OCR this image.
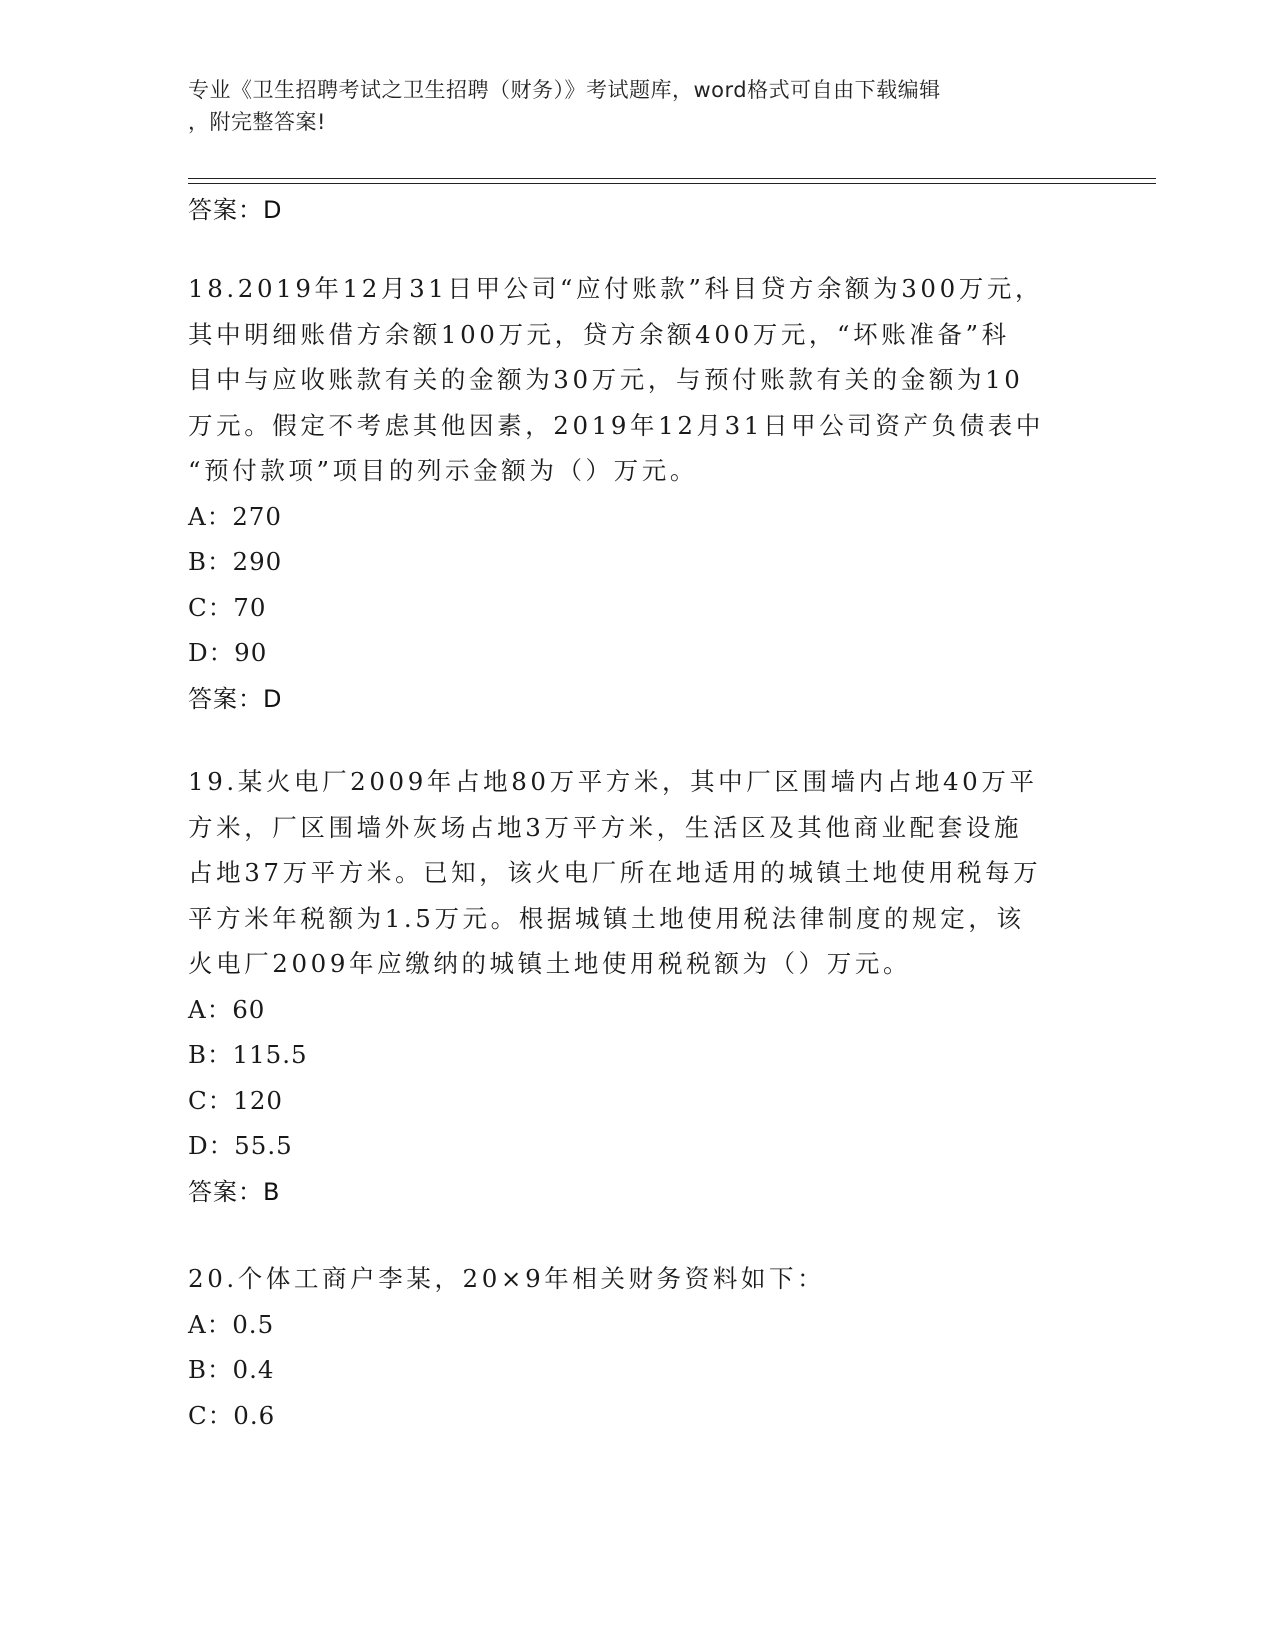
专业《卫生招聘考试之卫生招聘（财务）》考试题库，word格式可自由下载编辑
，附完整答案!
答案：D
18.2019年12月31日甲公司“应付账款”科目贷方余额为300万元，
其中明细账借方余额100万元，贷方余额400万元，“坏账准备”科
目中与应收账款有关的金额为30万元，与预付账款有关的金额为10
万元。假定不考虑其他因素，2019年12月31日甲公司资产负债表中
“预付款项”项目的列示金额为（）万元。
A：270
B：290
C：70
D：90
答案：D
19.某火电厂2009年占地80万平方米，其中厂区围墙内占地40万平
方米，厂区围墙外灰场占地3万平方米，生活区及其他商业配套设施
占地37万平方米。已知，该火电厂所在地适用的城镇土地使用税每万
平方米年税额为1.5万元。根据城镇土地使用税法律制度的规定，该
火电厂2009年应缴纳的城镇土地使用税税额为（）万元。
A：60
B：115.5
C：120
D：55.5
答案：B
20.个体工商户李某，20×9年相关财务资料如下：
A：0.5
B：0.4
C：0.6
